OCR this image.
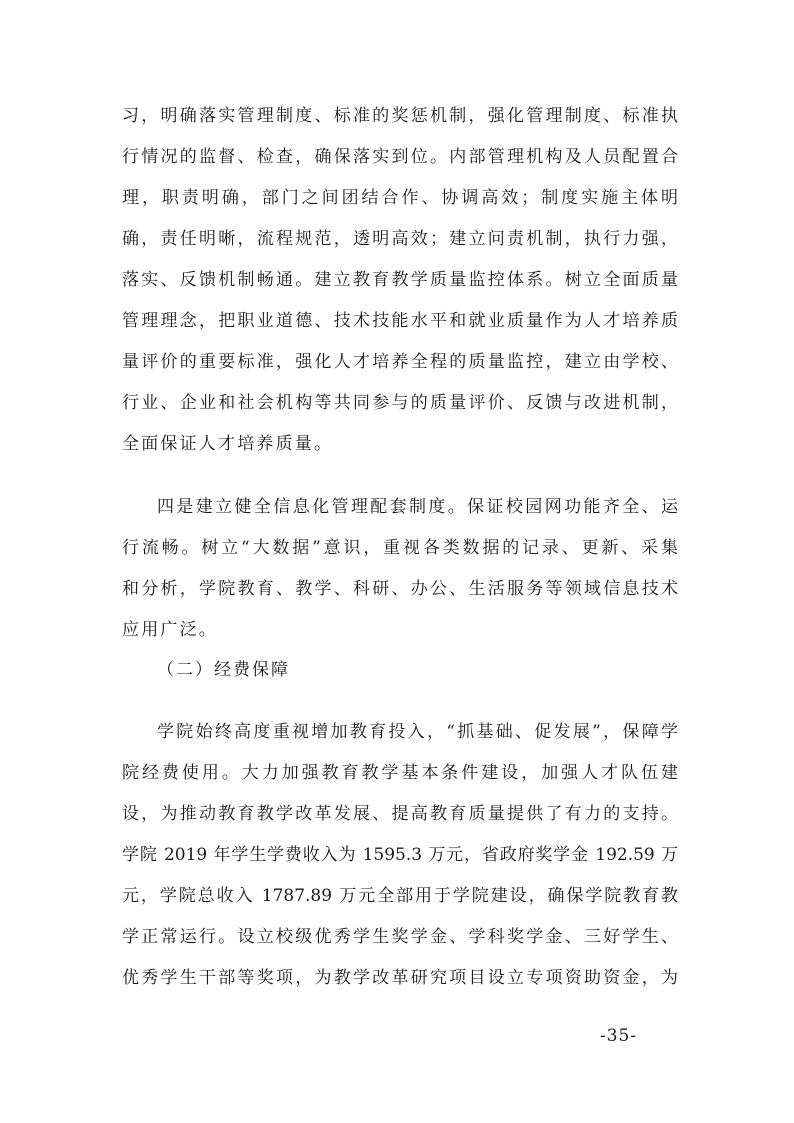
习，明确落实管理制度、标准的奖惩机制，强化管理制度、标准执
行情况的监督、检查，确保落实到位。内部管理机构及人员配置合
理，职责明确，部门之间团结合作、协调高效；制度实施主体明
确，责任明晰，流程规范，透明高效；建立问责机制，执行力强，
落实、反馈机制畅通。建立教育教学质量监控体系。树立全面质量
管理理念，把职业道德、技术技能水平和就业质量作为人才培养质
量评价的重要标准，强化人才培养全程的质量监控，建立由学校、
行业、企业和社会机构等共同参与的质量评价、反馈与改进机制，
全面保证人才培养质量。
四是建立健全信息化管理配套制度。保证校园网功能齐全、运
行流畅。树立“大数据”意识，重视各类数据的记录、更新、采集
和分析，学院教育、教学、科研、办公、生活服务等领域信息技术
应用广泛。
（二）经费保障
学院始终高度重视增加教育投入，“抓基础、促发展”，保障学
院经费使用。大力加强教育教学基本条件建设，加强人才队伍建
设，为推动教育教学改革发展、提高教育质量提供了有力的支持。
学院 2019 年学生学费收入为 1595.3 万元，省政府奖学金 192.59 万
元，学院总收入 1787.89 万元全部用于学院建设，确保学院教育教
学正常运行。设立校级优秀学生奖学金、学科奖学金、三好学生、
优秀学生干部等奖项，为教学改革研究项目设立专项资助资金，为
-35-
